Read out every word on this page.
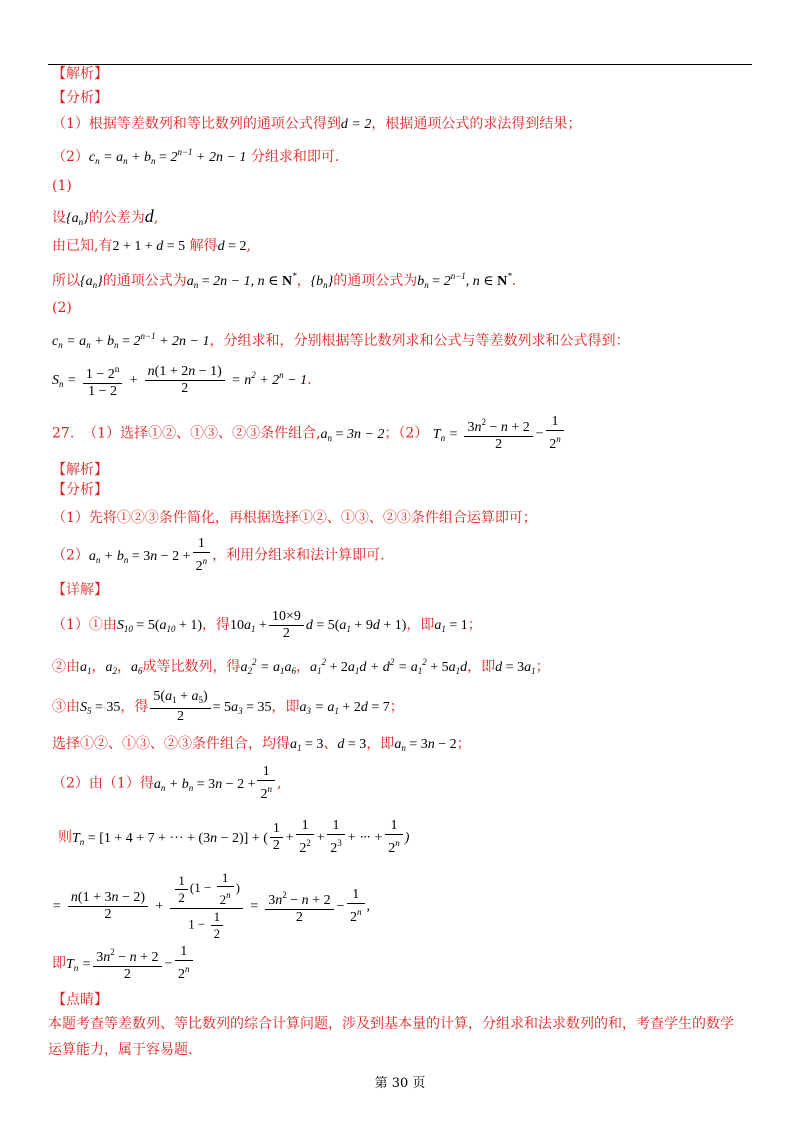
【解析】
【分析】
（1）根据等差数列和等比数列的通项公式得到d = 2，根据通项公式的求法得到结果；
$(2)c_n = a_n + b_n = 2^{n-1} + 2n - 1$ 分组求和即可.
(1)
设$\{a_n\}$的公差为d,
由已知,有2 + 1 + d = 5 解得d = 2,
所以$\{a_n\}$的通项公式为$a_n = 2n - 1$, n ∈ N*，$\{b_n\}$的通项公式为$b_n = 2^{n-1}$, n ∈ N*.
(2)
$c_n = a_n + b_n = 2^{n-1} + 2n - 1$，分组求和，分别根据等比数列求和公式与等差数列求和公式得到：
$S_n = \frac{1 - 2^n}{1 - 2} + \frac{n(1 + 2n - 1)}{2} = n^2 + 2^n - 1$.
27. （1）选择①②、①③、②③条件组合$,a_n = 3n - 2$；（2） $T_n = \frac{3n^2 - n + 2}{2} - \frac{1}{2^n}$
【解析】
【分析】
（1）先将①②③条件简化，再根据选择①②、①③、②③条件组合运算即可；
$(2)a_n + b_n = 3n - 2 + \frac{1}{2^n}$ ，利用分组求和法计算即可.
【详解】
（1）①由$S_{10} = 5(a_{10} + 1)$，得$10a_1 + \frac{10\times 9}{2}$ $d = 5(a_1 + 9d + 1)$，即$a_1 = 1$；
②由$a_1$，$a_2$，$a_6$成等比数列，得$a_2^2 = a_1a_6$，$a_1^2 + 2a_1d + d^2 = a_1^2 + 5a_1d$，即$d = 3a_1$；
③由$S_5 = 35$，得 $\frac{5(a_1 + a_5)}{2} = 5a_3 = 35$，即$a_3 = a_1 + 2d = 7$；
选择①②、①③、②③条件组合，均得$a_1 = 3$、d = 3，即$a_n = 3n - 2$；
（2）由（1）得$a_n + b_n = 3n - 2 + \frac{1}{2^n}$ ,
则$T_n = [1 + 4 + 7$ + ··· + (3n − 2)] + ( $\frac{1}{2} + \frac{1}{2^2} + \frac{1}{2^3}$ + ··· + $\frac{1}{2^n}$ )
= $\frac{n(1 + 3n - 2)}{2} + \frac{\frac{1}{2} (1 - \frac{1}{2^n} )}{1 - \frac{1}{2}} = \frac{3n^2 - n + 2}{2} - \frac{1}{2^n}$ ,
即$T_n = \frac{3n^2 - n + 2}{2} - \frac{1}{2^n}$
【点睛】
本题考查等差数列、等比数列的综合计算问题，涉及到基本量的计算，分组求和法求数列的和，考查学生的数学
运算能力，属于容易题.
第 30 页
